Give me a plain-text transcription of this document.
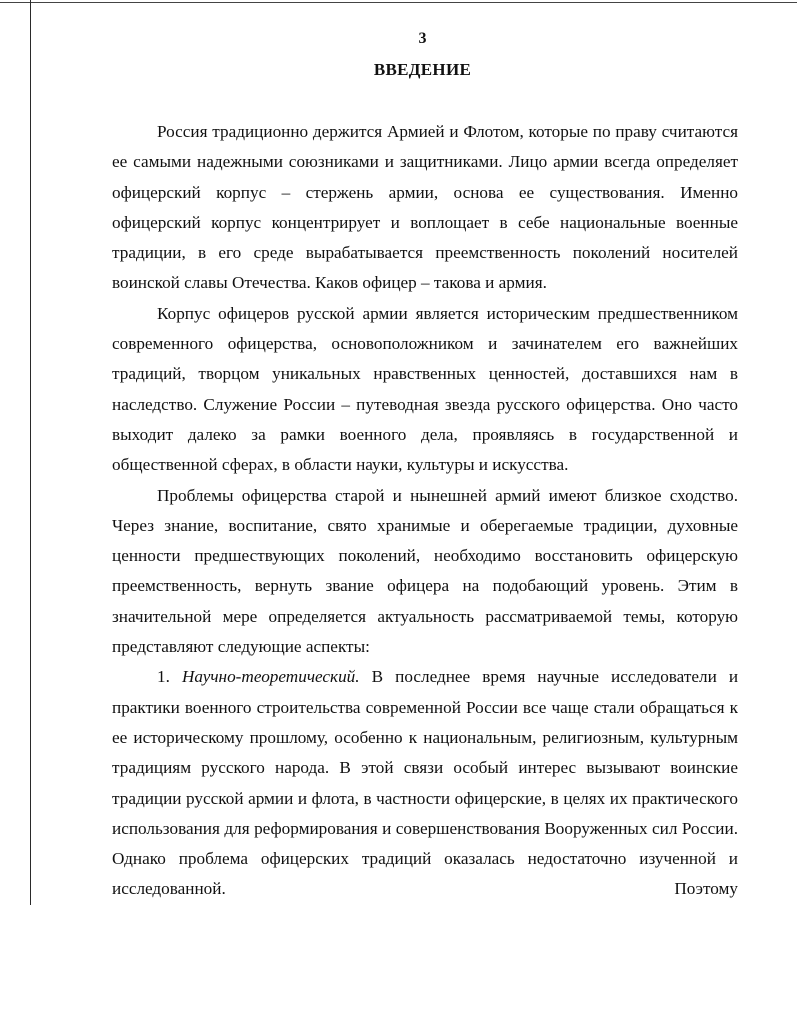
3
ВВЕДЕНИЕ

Россия традиционно держится Армией и Флотом, которые по праву считаются ее самыми надежными союзниками и защитниками. Лицо армии всегда определяет офицерский корпус – стержень армии, основа ее существования. Именно офицерский корпус концентрирует и воплощает в себе национальные военные традиции, в его среде вырабатывается преемственность поколений носителей воинской славы Отечества. Каков офицер – такова и армия.

Корпус офицеров русской армии является историческим предшественником современного офицерства, основоположником и зачинателем его важнейших традиций, творцом уникальных нравственных ценностей, доставшихся нам в наследство. Служение России – путеводная звезда русского офицерства. Оно часто выходит далеко за рамки военного дела, проявляясь в государственной и общественной сферах, в области науки, культуры и искусства.

Проблемы офицерства старой и нынешней армий имеют близкое сходство. Через знание, воспитание, свято хранимые и оберегаемые традиции, духовные ценности предшествующих поколений, необходимо восстановить офицерскую преемственность, вернуть звание офицера на подобающий уровень. Этим в значительной мере определяется актуальность рассматриваемой темы, которую представляют следующие аспекты:

1. Научно-теоретический. В последнее время научные исследователи и практики военного строительства современной России все чаще стали обращаться к ее историческому прошлому, особенно к национальным, религиозным, культурным традициям русского народа. В этой связи особый интерес вызывают воинские традиции русской армии и флота, в частности офицерские, в целях их практического использования для реформирования и совершенствования Вооруженных сил России. Однако проблема офицерских традиций оказалась недостаточно изученной и исследованной. Поэтому
